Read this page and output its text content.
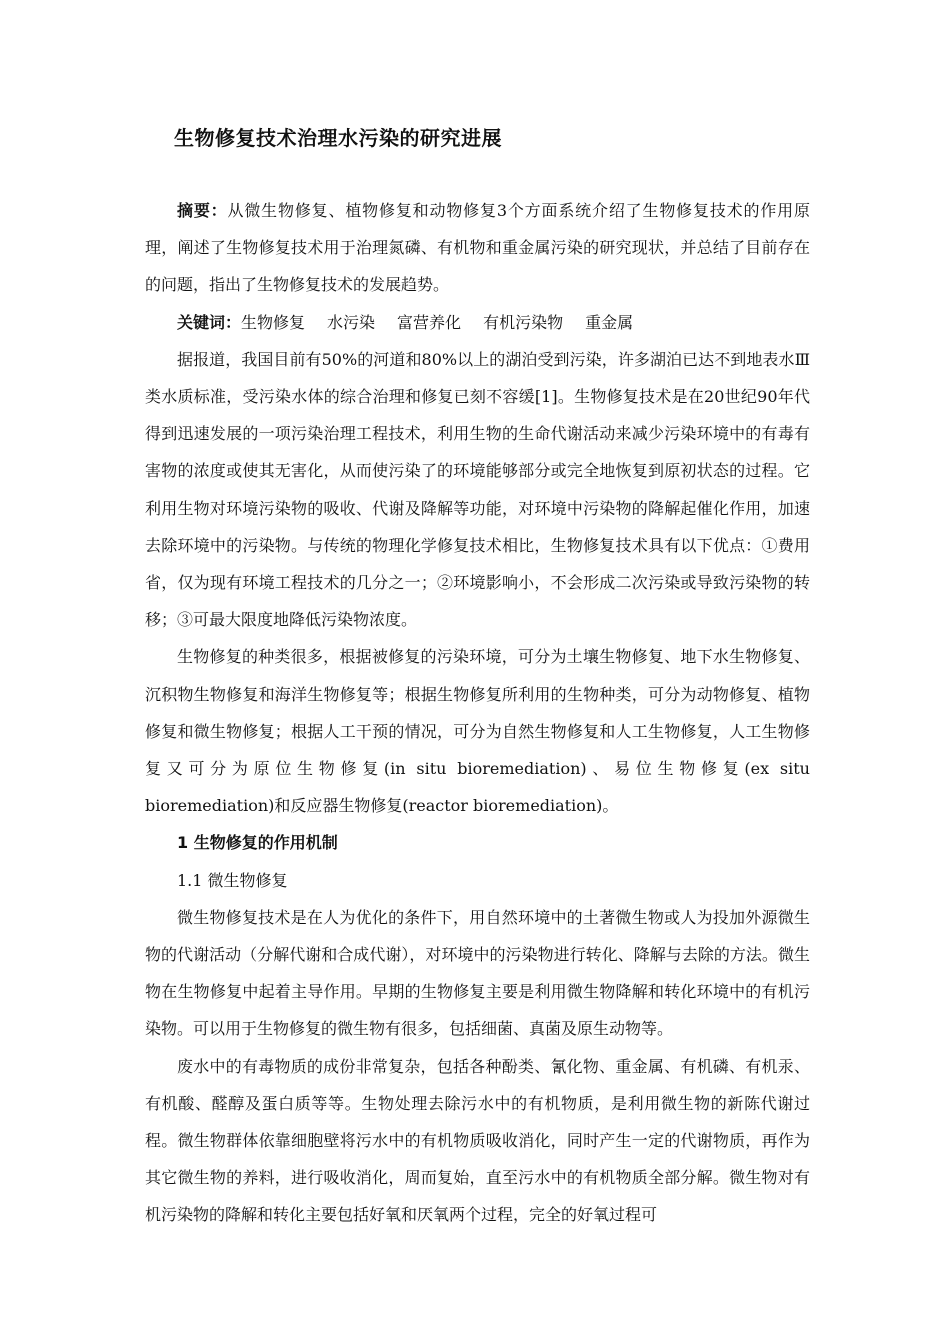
生物修复技术治理水污染的研究进展

摘要：从微生物修复、植物修复和动物修复3个方面系统介绍了生物修复技术的作用原理，阐述了生物修复技术用于治理氮磷、有机物和重金属污染的研究现状，并总结了目前存在的问题，指出了生物修复技术的发展趋势。

关键词：生物修复 水污染 富营养化 有机污染物 重金属

据报道，我国目前有50%的河道和80%以上的湖泊受到污染，许多湖泊已达不到地表水Ⅲ类水质标准，受污染水体的综合治理和修复已刻不容缓[1]。生物修复技术是在20世纪90年代得到迅速发展的一项污染治理工程技术，利用生物的生命代谢活动来减少污染环境中的有毒有害物的浓度或使其无害化，从而使污染了的环境能够部分或完全地恢复到原初状态的过程。它利用生物对环境污染物的吸收、代谢及降解等功能，对环境中污染物的降解起催化作用，加速去除环境中的污染物。与传统的物理化学修复技术相比，生物修复技术具有以下优点：①费用省，仅为现有环境工程技术的几分之一；②环境影响小，不会形成二次污染或导致污染物的转移；③可最大限度地降低污染物浓度。

生物修复的种类很多，根据被修复的污染环境，可分为土壤生物修复、地下水生物修复、沉积物生物修复和海洋生物修复等；根据生物修复所利用的生物种类，可分为动物修复、植物修复和微生物修复；根据人工干预的情况，可分为自然生物修复和人工生物修复，人工生物修复又可分为原位生物修复(in situ bioremediation)、易位生物修复(ex situ bioremediation)和反应器生物修复(reactor bioremediation)。

1 生物修复的作用机制

1.1 微生物修复

微生物修复技术是在人为优化的条件下，用自然环境中的土著微生物或人为投加外源微生物的代谢活动（分解代谢和合成代谢），对环境中的污染物进行转化、降解与去除的方法。微生物在生物修复中起着主导作用。早期的生物修复主要是利用微生物降解和转化环境中的有机污染物。可以用于生物修复的微生物有很多，包括细菌、真菌及原生动物等。

废水中的有毒物质的成份非常复杂，包括各种酚类、氰化物、重金属、有机磷、有机汞、有机酸、醛醇及蛋白质等等。生物处理去除污水中的有机物质，是利用微生物的新陈代谢过程。微生物群体依靠细胞壁将污水中的有机物质吸收消化，同时产生一定的代谢物质，再作为其它微生物的养料，进行吸收消化，周而复始，直至污水中的有机物质全部分解。微生物对有机污染物的降解和转化主要包括好氧和厌氧两个过程，完全的好氧过程可
